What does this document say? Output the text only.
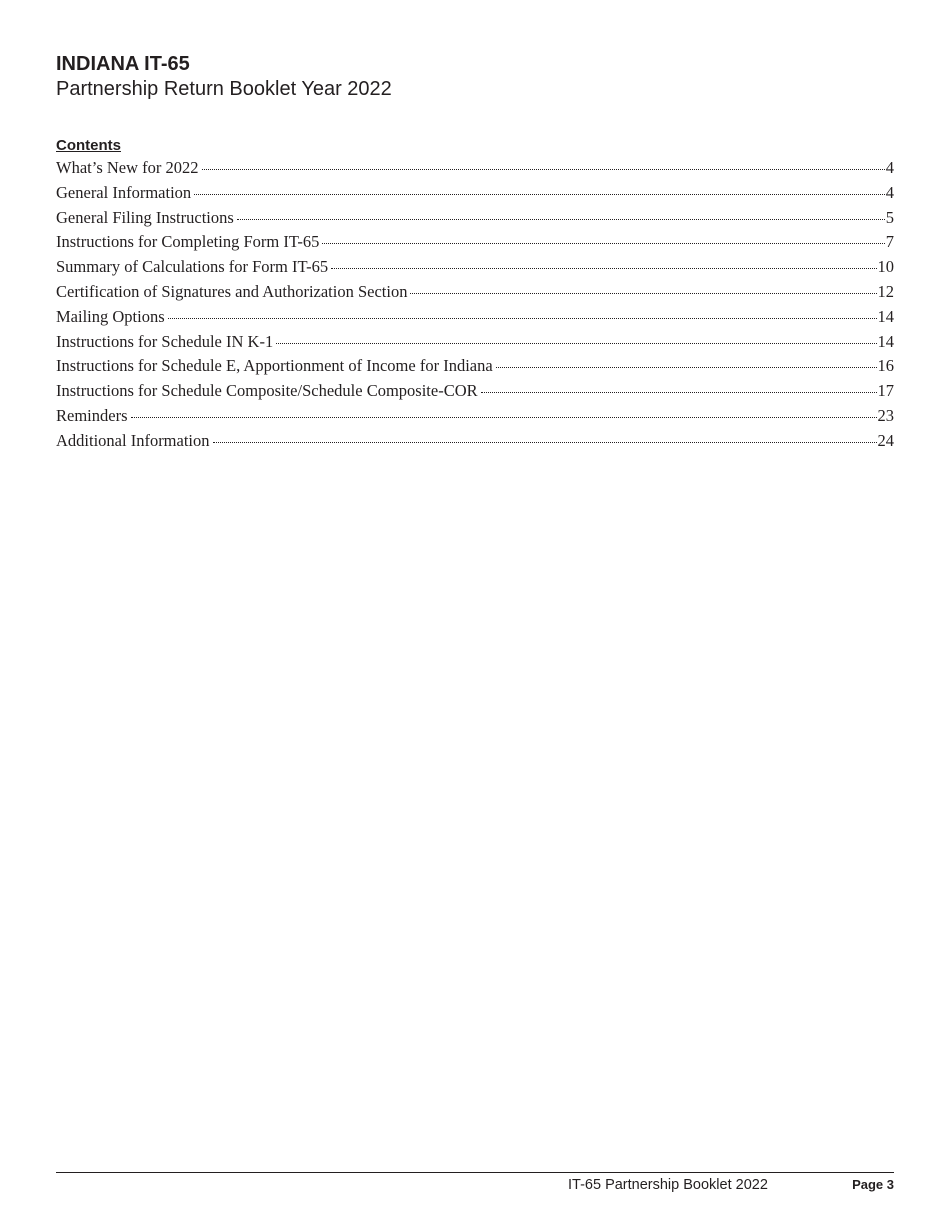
INDIANA IT-65
Partnership Return Booklet Year 2022
Contents
What’s New for 2022	4
General Information	4
General Filing Instructions	5
Instructions for Completing Form IT-65	7
Summary of Calculations for Form IT-65	10
Certification of Signatures and Authorization Section	12
Mailing Options	14
Instructions for Schedule IN K-1	14
Instructions for Schedule E, Apportionment of Income for Indiana	16
Instructions for Schedule Composite/Schedule Composite-COR	17
Reminders	23
Additional Information	24
IT-65 Partnership Booklet 2022	Page 3
